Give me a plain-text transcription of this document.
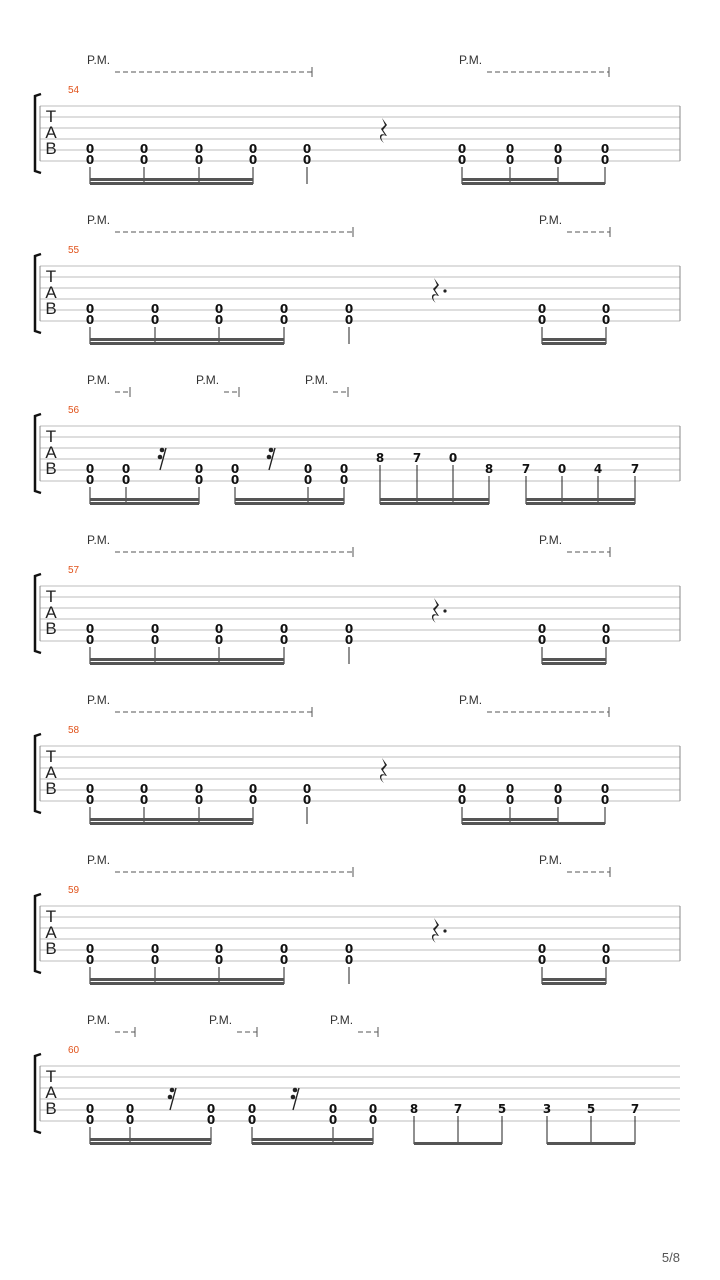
T
A
B
54
P.M.	P.M.
0
0
0
0
0
0
0
0
0
0
0
0
0
0
0
0
0
0
T
A
B
55
P.M.	P.M.
0
0
0
0
0
0
0
0
0
0
0
0
0
0
T
A
B
56
P.M.	P.M.	P.M.
0
0
0
0
0
0
0
0
0
0
0
0
8 7 0
8 7 0 4 7
T
A
B
57
P.M.	P.M.
0
0
0
0
0
0
0
0
0
0
0
0
0
0
T
A
B
58
P.M.	P.M.
0
0
0
0
0
0
0
0
0
0
0
0
0
0
0
0
0
0
T
A
B
59
P.M.	P.M.
0
0
0
0
0
0
0
0
0
0
0
0
0
0
T
A
B
60
P.M.	P.M.	P.M.
0
0
0
0
0
0
0
0
0
0
0
0
8	7	5	3	5	7
5/8
